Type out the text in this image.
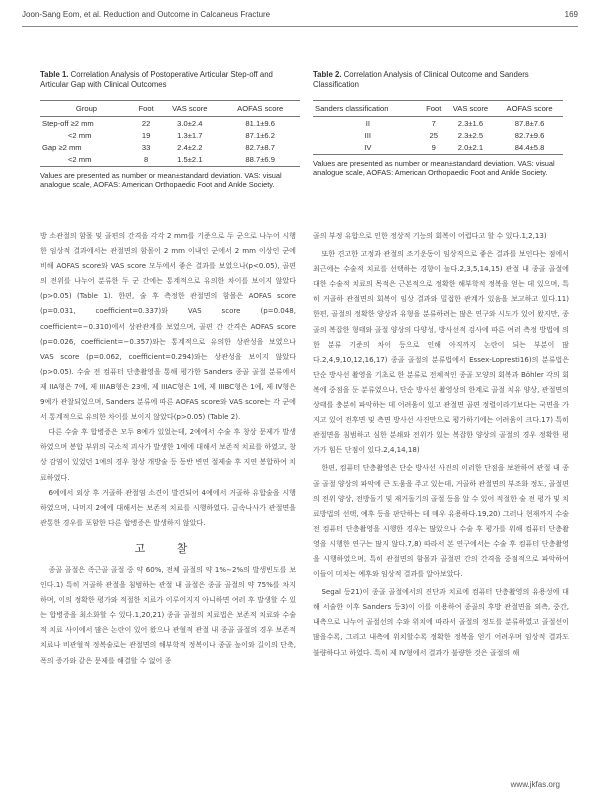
Joon-Sang Eom, et al. Reduction and Outcome in Calcaneus Fracture	169
Table 1. Correlation Analysis of Postoperative Articular Step-off and Articular Gap with Clinical Outcomes
Group	Foot	VAS score	AOFAS score
Step-off ≥2 mm	22	3.0±2.4	81.1±9.6
<2 mm	19	1.3±1.7	87.1±6.2
Gap ≥2 mm	33	2.4±2.2	82.7±8.7
<2 mm	8	1.5±2.1	88.7±6.9
Values are presented as number or mean±standard deviation. VAS: visual analogue scale, AOFAS: American Orthopaedic Foot and Ankle Society.
Table 2. Correlation Analysis of Clinical Outcome and Sanders Classification
Sanders classification	Foot	VAS score	AOFAS score
II	7	2.3±1.6	87.8±7.6
III	25	2.3±2.5	82.7±9.6
IV	9	2.0±2.1	84.4±5.8
Values are presented as number or mean±standard deviation. VAS: visual analogue scale, AOFAS: American Orthopaedic Foot and Ankle Society.

방 소관절의 함몰 및 골편의 간격을 각각 2 mm를 기준으로 두 군으로 나누어 시행한 임상적 결과에서는 관절면의 함몰이 2 mm 이내인 군에서 2 mm 이상인 군에 비해 AOFAS score와 VAS score 모두에서 좋은 결과를 보였으나(p<0.05), 골편의 전위를 나누어 분류한 두 군 간에는 통계적으로 유의한 차이를 보이지 않았다(p>0.05) (Table 1). 한편, 술 후 측정한 관절면의 함몰은 AOFAS score (p=0.031, coefficient=0.337)와 VAS score (p=0.048, coefficient=−0.310)에서 상관관계를 보였으며, 골편 간 간격은 AOFAS score (p=0.026, coefficient=−0.357)와는 통계적으로 유의한 상관성을 보였으나 VAS score (p=0.062, coefficient=0.294)와는 상관성을 보이지 않았다(p>0.05). 수술 전 컴퓨터 단층촬영을 통해 평가한 Sanders 종골 골절 분류에서 제 IIA형은 7예, 제 IIIAB형은 23예, 제 IIIAC형은 1예, 제 IIIBC형은 1예, 제 IV형은 9예가 관찰되었으며, Sanders 분류에 따른 AOFAS score와 VAS score는 각 군에서 통계적으로 유의한 차이를 보이지 않았다(p>0.05) (Table 2).

다른 수술 후 합병증은 모두 8예가 있었는데, 2예에서 수술 후 창상 문제가 발생하였으며 봉합 부위의 국소적 괴사가 발생한 1예에 대해서 보존적 치료를 하였고, 창상 감염이 있었던 1예의 경우 창상 개방술 등 동반 변연 절제술 후 지연 봉합하여 치료하였다.

6예에서 외상 후 거골하 관절염 소견이 발견되어 4예에서 거골하 유합술을 시행하였으며, 나머지 2예에 대해서는 보존적 치료를 시행하였다. 금속나사가 관절면을 관통한 경우를 포함한 다른 합병증은 발생하지 않았다.

고 찰

종골 골절은 족근골 골절 중 약 60%, 전체 골절의 약 1%∼2%의 발생빈도를 보인다.1) 특히 거골하 관절을 침범하는 관절 내 골절은 종골 골절의 약 75%를 차지하며, 이의 정확한 평가와 적절한 치료가 이루어지지 아니하면 여러 후 발생할 수 있는 합병증을 최소화할 수 있다.1,20,21) 종골 골절의 치료법은 보존적 치료와 수술적 치료 사이에서 많은 논란이 있어 왔으나 관혈적 관절 내 종골 골절의 경우 보존적 치료나 비관혈적 정복술로는 관절면의 해부학적 정복이나 종골 높이와 길이의 단축, 폭의 증가와 같은 문제를 해결할 수 없어 종

골의 부정 유합으로 인한 정상적 기능의 회복이 어렵다고 할 수 있다.1,2,13)

또한 견고한 고정과 관절의 조기운동이 임상적으로 좋은 결과를 보인다는 점에서 최근에는 수술적 치료를 선택하는 경향이 높다.2,3,5,14,15) 관절 내 종골 골절에 대한 수술적 치료의 목적은 근본적으로 정확한 해부학적 정복을 얻는 데 있으며, 특히 거골하 관절면의 회복이 임상 결과와 밀접한 관계가 있음을 보고하고 있다.11) 한편, 골절의 정확한 양상과 유형을 분류하려는 많은 연구와 시도가 있어 왔지만, 종골의 복잡한 형태와 골절 양상의 다양성, 방사선적 검사에 따른 여러 측정 방법에 의한 분류 기준의 차이 등으로 인해 아직까지 논란이 되는 부분이 많다.2,4,9,10,12,16,17) 종골 골절의 분류법에서 Essex-Lopresti16)의 분류법은 단순 방사선 촬영을 기초로 한 분류로 전체적인 종골 모양의 회복과 Böhler 각의 회복에 중점을 둔 분류였으나, 단순 방사선 촬영상의 한계로 골절 치유 양상, 관절면의 상태를 충분히 파악하는 데 어려움이 있고 관절면 골편 정렬이라기보다는 국면을 가지고 있어 전후면 및 측면 방사선 사진만으로 평가하기에는 어려움이 크다.17) 특히 관절면을 침범하고 심한 분쇄와 전위가 있는 복잡한 양상의 골절의 경우 정확한 평가가 힘든 단점이 있다.2,4,14,18)

한편, 컴퓨터 단층촬영은 단순 방사선 사진의 이러한 단점을 보완하여 관절 내 종골 골절 양상의 파악에 큰 도움을 주고 있는데, 거골하 관절면의 부조화 정도, 골절편의 전위 양상, 전방돌기 및 재거돌기의 골절 등을 알 수 있어 적절한 술 전 평가 및 치료방법의 선택, 예후 등을 판단하는 데 매우 유용하다.19,20) 그러나 현재까지 수술 전 컴퓨터 단층촬영을 시행한 경우는 많았으나 수술 후 평가를 위해 컴퓨터 단층촬영을 시행한 연구는 많지 않다.7,8) 따라서 본 연구에서는 수술 후 컴퓨터 단층촬영을 시행하였으며, 특히 관절면의 함몰과 골절편 간의 간격을 중점적으로 파악하여 이들이 미치는 예후와 임상적 결과를 알아보았다.

Segal 등21)이 종골 골절에서의 진단과 치료에 컴퓨터 단층촬영의 유용성에 대해 서술한 이후 Sanders 등3)이 이를 이용하여 종골의 후방 관절면을 외측, 중간, 내측으로 나누어 골절선의 수와 위치에 따라서 골절의 정도를 분류하였고 골절선이 많을수록, 그리고 내측에 위치할수록 정확한 정복을 얻기 어려우며 임상적 결과도 불량하다고 하였다. 특히 제 IV형에서 결과가 불량한 것은 골절의 해

www.jkfas.org
